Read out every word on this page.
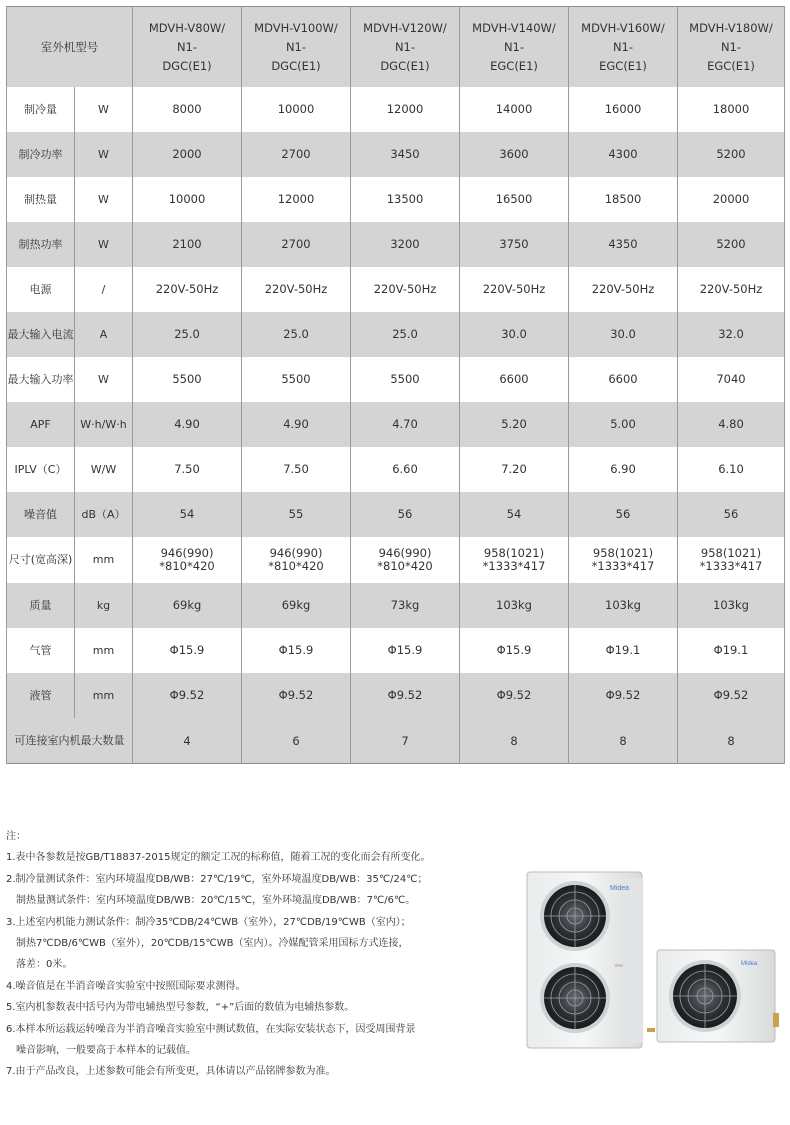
室外机型号		MDVH-V80W/
N1-
DGC(E1)	MDVH-V100W/
N1-
DGC(E1)	MDVH-V120W/
N1-
DGC(E1)	MDVH-V140W/
N1-
EGC(E1)	MDVH-V160W/
N1-
EGC(E1)	MDVH-V180W/
N1-
EGC(E1)

制冷量	W	8000	10000	12000	14000	16000	18000

制冷功率	W	2000	2700	3450	3600	4300	5200

制热量	W	10000	12000	13500	16500	18500	20000

制热功率	W	2100	2700	3200	3750	4350	5200

电源	/	220V-50Hz	220V-50Hz	220V-50Hz	220V-50Hz	220V-50Hz	220V-50Hz

最大输入电流	A	25.0	25.0	25.0	30.0	30.0	32.0

最大输入功率	W	5500	5500	5500	6600	6600	7040

APF	W·h/W·h	4.90	4.90	4.70	5.20	5.00	4.80

IPLV（C）	W/W	7.50	7.50	6.60	7.20	6.90	6.10

噪音值	dB（A）	54	55	56	54	56	56

尺寸(宽高深)	mm	946(990)
*810*420	946(990)
*810*420	946(990)
*810*420	958(1021)
*1333*417	958(1021)
*1333*417	958(1021)
*1333*417

质量	kg	69kg	69kg	73kg	103kg	103kg	103kg

气管	mm	Φ15.9	Φ15.9	Φ15.9	Φ15.9	Φ19.1	Φ19.1

液管	mm	Φ9.52	Φ9.52	Φ9.52	Φ9.52	Φ9.52	Φ9.52

可连接室内机最大数量		4	6	7	8	8	8
注：
1.表中各参数是按GB/T18837-2015规定的额定工况的标称值，随着工况的变化而会有所变化。
2.制冷量测试条件：室内环境温度DB/WB：27℃/19℃，室外环境温度DB/WB：35℃/24℃；
制热量测试条件：室内环境温度DB/WB：20℃/15℃，室外环境温度DB/WB：7℃/6℃。
3.上述室内机能力测试条件：制冷35℃DB/24℃WB（室外），27℃DB/19℃WB（室内）；
制热7℃DB/6℃WB（室外），20℃DB/15℃WB（室内）。冷媒配管采用国标方式连接，
落差：0米。
4.噪音值是在半消音噪音实验室中按照国际要求测得。
5.室内机参数表中括号内为带电辅热型号参数，“+”后面的数值为电辅热参数。
6.本样本所运载运转噪音为半消音噪音实验室中测试数值，在实际安装状态下，因受周围背景
噪音影响，一般要高于本样本的记载值。
7.由于产品改良，上述参数可能会有所变更，具体请以产品铭牌参数为准。
Midea
Midea
